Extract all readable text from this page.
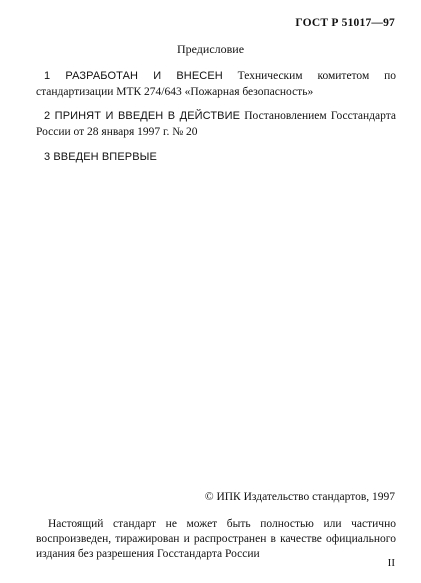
ГОСТ Р 51017—97
Предисловие
1 РАЗРАБОТАН И ВНЕСЕН Техническим комитетом по стандартизации МТК 274/643 «Пожарная безопасность»
2 ПРИНЯТ И ВВЕДЕН В ДЕЙСТВИЕ Постановлением Госстандарта России от 28 января 1997 г. № 20
3 ВВЕДЕН ВПЕРВЫЕ
© ИПК Издательство стандартов, 1997
Настоящий стандарт не может быть полностью или частично воспроизведен, тиражирован и распространен в качестве официального издания без разрешения Госстандарта России
II
